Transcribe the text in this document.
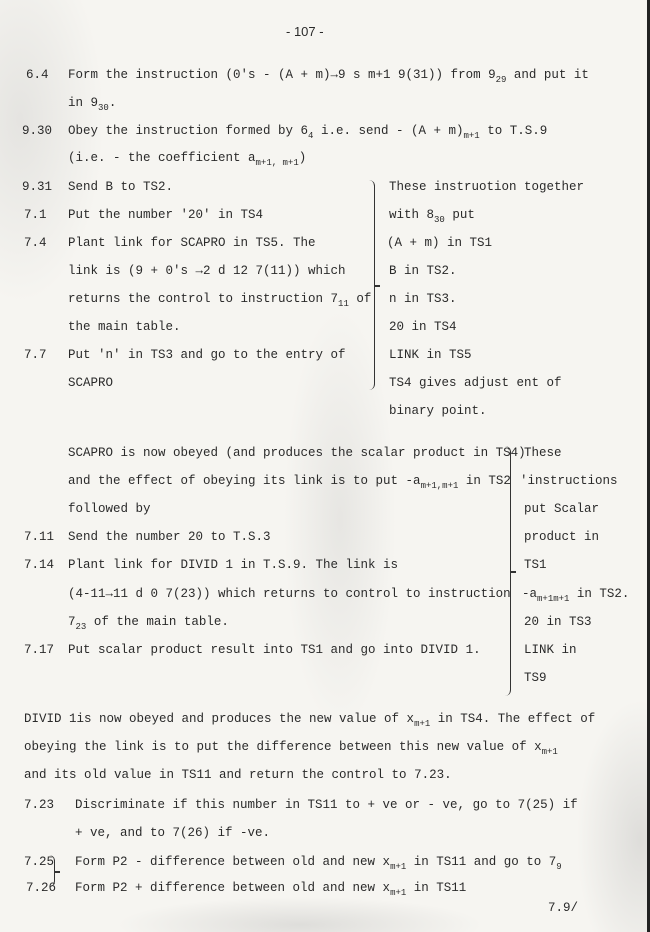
- 107 -
6.4 Form the instruction (0's - (A + m)→9 s m+1 9(31)) from $9_{29}$ and put it
in $9_{30}$.
9.30 Obey the instruction formed by $6_4$ i.e. send - $(A + m)_{m+1}$ to T.S.9
(i.e. - the coefficient $a_{m+1, m+1}$)
9.31 Send B to TS2.
7.1 Put the number '20' in TS4
7.4 Plant link for SCAPRO in TS5. The
link is (9 + 0's →2 d 12 7(11)) which
returns the control to instruction $7_{11}$ of
the main table.
7.7 Put 'n' in TS3 and go to the entry of
SCAPRO
These instruotion together
with $8_{30}$ put
(A + m) in TS1
B in TS2.
n in TS3.
20 in TS4
LINK in TS5
TS4 gives adjust ent of
binary point.
SCAPRO is now obeyed (and produces the scalar product in TS4)
and the effect of obeying its link is to put $-a_{m+1,m+1}$ in TS2
followed by
7.11 Send the number 20 to T.S.3
7.14 Plant link for DIVID 1 in T.S.9. The link is
(4-11→11 d 0 7(23)) which returns to control to instruction
$7_{23}$ of the main table.
7.17 Put scalar product result into TS1 and go into DIVID 1.
These
'instructions
put Scalar
product in
TS1
$-a_{m+1m+1}$ in TS2.
20 in TS3
LINK in
TS9
DIVID 1is now obeyed and produces the new value of $x_{m+1}$ in TS4. The effect of
obeying the link is to put the difference between this new value of $x_{m+1}$
and its old value in TS11 and return the control to 7.23.
7.23 Discriminate if this number in TS11 to + ve or - ve, go to 7(25) if
+ ve, and to 7(26) if -ve.
7.25 Form P2 - difference between old and new $x_{m+1}$ in TS11 and go to $7_9$
7.26 Form P2 + difference between old and new $x_{m+1}$ in TS11
7.9/
